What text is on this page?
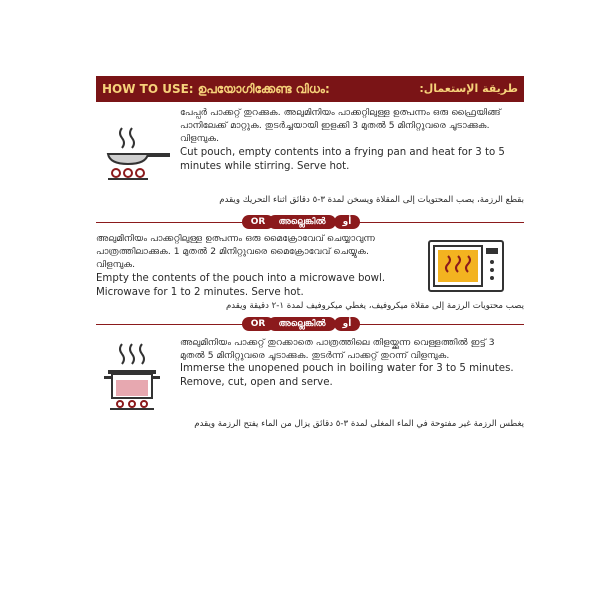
HOW TO USE: ഉപയോഗിക്കേണ്ട വിധം:	طريقة الإستعمال:
പേപ്പർ പാക്കറ്റ് തുറക്കുക. അലുമിനിയം പാക്കറ്റിലുള്ള ഉത്പന്നം ഒരു ഫ്രൈയിങ്ങ് പാനിലേക്ക് മാറ്റുക. തുടർച്ചയായി ഇളക്കി 3 മുതൽ 5 മിനിറ്റുവരെ ചൂടാക്കുക. വിളമ്പുക.
Cut pouch, empty contents into a frying pan and heat for 3 to 5 minutes while stirring. Serve hot.
بقطع الرزمة، يصب المحتويات إلى المقلاة ويسخن لمدة ٣-٥ دقائق اثناء التحريك ويقدم
OR	അല്ലെങ്കിൽ	أو
അലുമിനിയം പാക്കറ്റിലുള്ള ഉത്പന്നം ഒരു മൈക്രോവേവ് ചെയ്യാവുന്ന പാത്രത്തിലാക്കുക. 1 മുതൽ 2 മിനിറ്റുവരെ മൈക്രോവേവ് ചെയ്യുക. വിളമ്പുക.
Empty the contents of the pouch into a microwave bowl. Microwave for 1 to 2 minutes. Serve hot.
يصب محتويات الرزمة إلى مقلاة ميكروفيف، يغطي ميكروفيف لمدة ١-٢ دقيقة ويقدم
OR	അല്ലെങ്കിൽ	أو
അലുമിനിയം പാക്കറ്റ് തുറക്കാതെ പാത്രത്തിലെ തിളയ്ക്കുന്ന വെള്ളത്തിൽ ഇട്ട് 3 മുതൽ 5 മിനിറ്റുവരെ ചൂടാക്കുക. തുടർന്ന് പാക്കറ്റ് തുറന്ന് വിളമ്പുക.
Immerse the unopened pouch in boiling water for 3 to 5 minutes. Remove, cut, open and serve.
يغطس الرزمة غير مفتوحة في الماء المغلى لمدة ٣-٥ دقائق يزال من الماء يفتح الرزمة ويقدم
